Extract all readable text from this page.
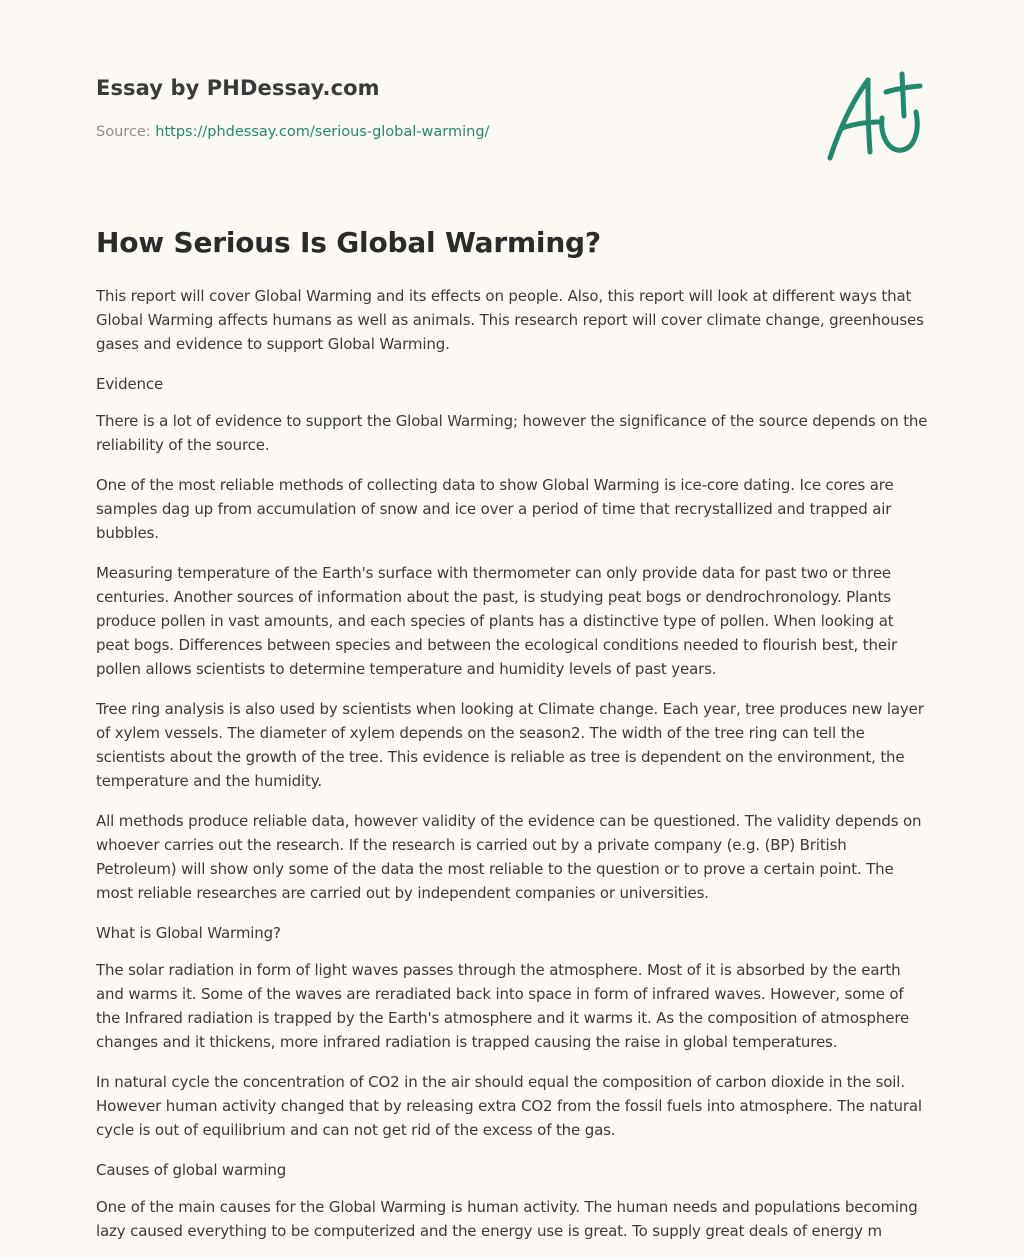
Essay by PHDessay.com

Source: https://phdessay.com/serious-global-warming/

How Serious Is Global Warming?

This report will cover Global Warming and its effects on people. Also, this report will look at different ways that Global Warming affects humans as well as animals. This research report will cover climate change, greenhouses gases and evidence to support Global Warming.

Evidence

There is a lot of evidence to support the Global Warming; however the significance of the source depends on the reliability of the source.

One of the most reliable methods of collecting data to show Global Warming is ice-core dating. Ice cores are samples dag up from accumulation of snow and ice over a period of time that recrystallized and trapped air bubbles.

Measuring temperature of the Earth's surface with thermometer can only provide data for past two or three centuries. Another sources of information about the past, is studying peat bogs or dendrochronology. Plants produce pollen in vast amounts, and each species of plants has a distinctive type of pollen. When looking at peat bogs. Differences between species and between the ecological conditions needed to flourish best, their pollen allows scientists to determine temperature and humidity levels of past years.

Tree ring analysis is also used by scientists when looking at Climate change. Each year, tree produces new layer of xylem vessels. The diameter of xylem depends on the season2. The width of the tree ring can tell the scientists about the growth of the tree. This evidence is reliable as tree is dependent on the environment, the temperature and the humidity.

All methods produce reliable data, however validity of the evidence can be questioned. The validity depends on whoever carries out the research. If the research is carried out by a private company (e.g. (BP) British Petroleum) will show only some of the data the most reliable to the question or to prove a certain point. The most reliable researches are carried out by independent companies or universities.

What is Global Warming?

The solar radiation in form of light waves passes through the atmosphere. Most of it is absorbed by the earth and warms it. Some of the waves are reradiated back into space in form of infrared waves. However, some of the Infrared radiation is trapped by the Earth's atmosphere and it warms it. As the composition of atmosphere changes and it thickens, more infrared radiation is trapped causing the raise in global temperatures.

In natural cycle the concentration of CO2 in the air should equal the composition of carbon dioxide in the soil. However human activity changed that by releasing extra CO2 from the fossil fuels into atmosphere. The natural cycle is out of equilibrium and can not get rid of the excess of the gas.

Causes of global warming

One of the main causes for the Global Warming is human activity. The human needs and populations becoming lazy caused everything to be computerized and the energy use is great. To supply great deals of energy m
